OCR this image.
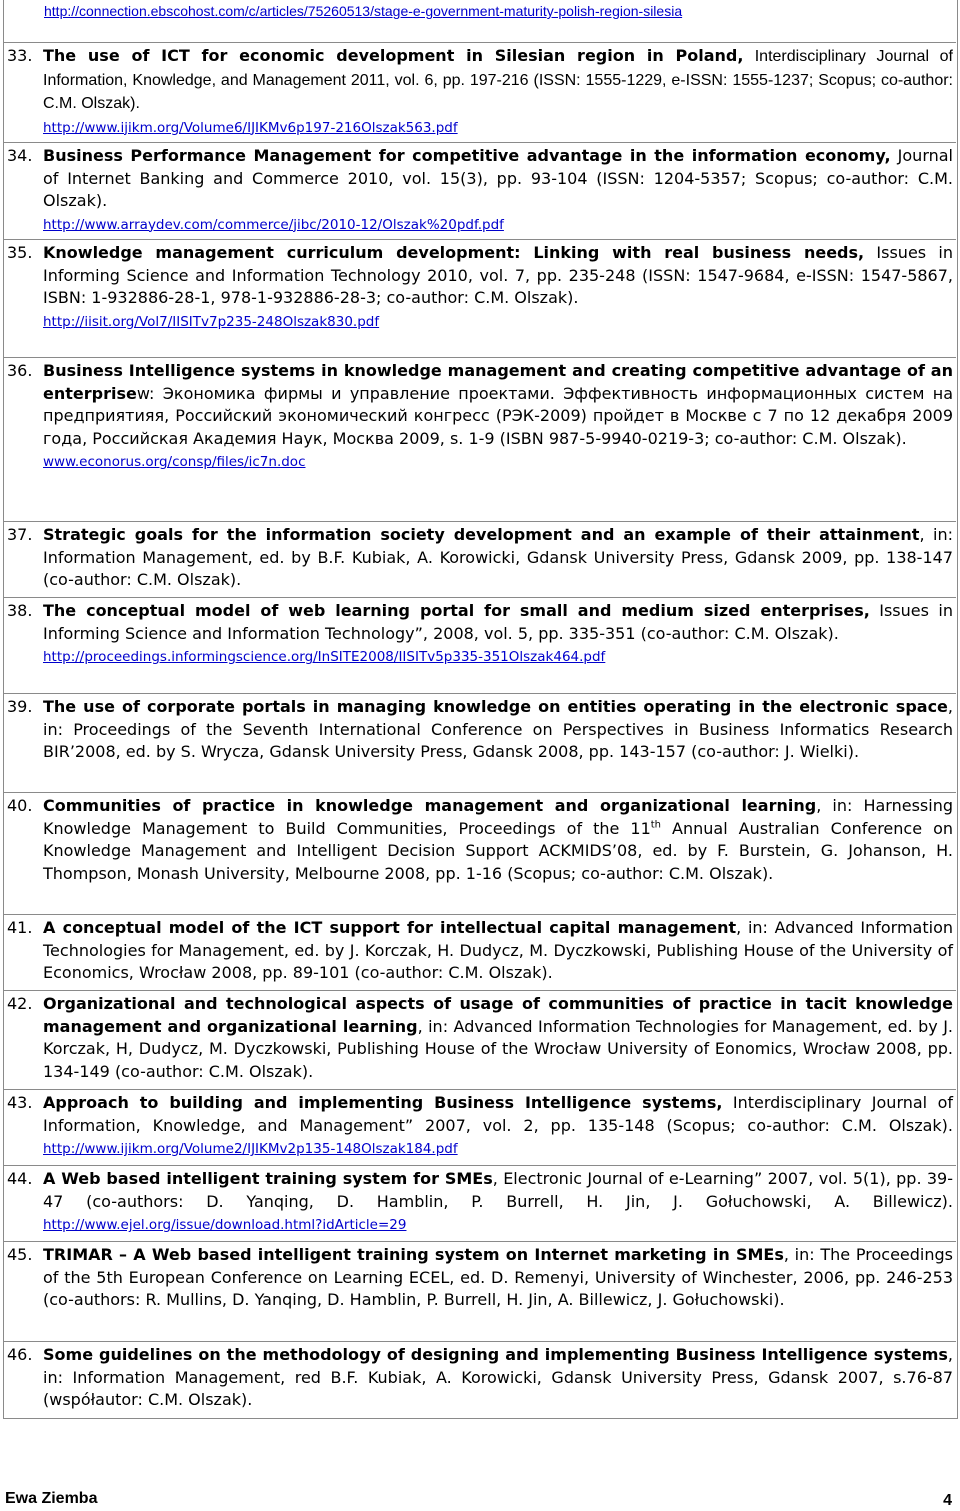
http://connection.ebscohost.com/c/articles/75260513/stage-e-government-maturity-polish-region-silesia
33. The use of ICT for economic development in Silesian region in Poland, Interdisciplinary Journal of Information, Knowledge, and Management 2011, vol. 6, pp. 197-216 (ISSN: 1555-1229, e-ISSN: 1555-1237; Scopus; co-author: C.M. Olszak).
http://www.ijikm.org/Volume6/IJIKMv6p197-216Olszak563.pdf
34. Business Performance Management for competitive advantage in the information economy, Journal of Internet Banking and Commerce 2010, vol. 15(3), pp. 93-104 (ISSN: 1204-5357; Scopus; co-author: C.M. Olszak).
http://www.arraydev.com/commerce/jibc/2010-12/Olszak%20pdf.pdf
35. Knowledge management curriculum development: Linking with real business needs, Issues in Informing Science and Information Technology 2010, vol. 7, pp. 235-248 (ISSN: 1547-9684, e-ISSN: 1547-5867, ISBN: 1-932886-28-1, 978-1-932886-28-3; co-author: C.M. Olszak).
http://iisit.org/Vol7/IISITv7p235-248Olszak830.pdf
36. Business Intelligence systems in knowledge management and creating competitive advantage of an enterprisew: Экономика фирмы и управление проектами. Эффективность информационных систем на предприятияя, Российский экономический конгресс (РЭК-2009) пройдет в Москве с 7 по 12 декабря 2009 года, Российская Академия Наук, Москва 2009, s. 1-9 (ISBN 987-5-9940-0219-3; co-author: C.M. Olszak).
www.econorus.org/consp/files/ic7n.doc
37. Strategic goals for the information society development and an example of their attainment, in: Information Management, ed. by B.F. Kubiak, A. Korowicki, Gdansk University Press, Gdansk 2009, pp. 138-147 (co-author: C.M. Olszak).
38. The conceptual model of web learning portal for small and medium sized enterprises, Issues in Informing Science and Information Technology”, 2008, vol. 5, pp. 335-351 (co-author: C.M. Olszak).
http://proceedings.informingscience.org/InSITE2008/IISITv5p335-351Olszak464.pdf
39. The use of corporate portals in managing knowledge on entities operating in the electronic space, in: Proceedings of the Seventh International Conference on Perspectives in Business Informatics Research BIR’2008, ed. by S. Wrycza, Gdansk University Press, Gdansk 2008, pp. 143-157 (co-author: J. Wielki).
40. Communities of practice in knowledge management and organizational learning, in: Harnessing Knowledge Management to Build Communities, Proceedings of the 11th Annual Australian Conference on Knowledge Management and Intelligent Decision Support ACKMIDS’08, ed. by F. Burstein, G. Johanson, H. Thompson, Monash University, Melbourne 2008, pp. 1-16 (Scopus; co-author: C.M. Olszak).
41. A conceptual model of the ICT support for intellectual capital management, in: Advanced Information Technologies for Management, ed. by J. Korczak, H. Dudycz, M. Dyczkowski, Publishing House of the University of Economics, Wrocław 2008, pp. 89-101 (co-author: C.M. Olszak).
42. Organizational and technological aspects of usage of communities of practice in tacit knowledge management and organizational learning, in: Advanced Information Technologies for Management, ed. by J. Korczak, H, Dudycz, M. Dyczkowski, Publishing House of the Wrocław University of Eonomics, Wrocław 2008, pp. 134-149 (co-author: C.M. Olszak).
43. Approach to building and implementing Business Intelligence systems, Interdisciplinary Journal of Information, Knowledge, and Management” 2007, vol. 2, pp. 135-148 (Scopus; co-author: C.M. Olszak). http://www.ijikm.org/Volume2/IJIKMv2p135-148Olszak184.pdf
44. A Web based intelligent training system for SMEs, Electronic Journal of e-Learning” 2007, vol. 5(1), pp. 39-47 (co-authors: D. Yanqing, D. Hamblin, P. Burrell, H. Jin, J. Gołuchowski, A. Billewicz). http://www.ejel.org/issue/download.html?idArticle=29
45. TRIMAR – A Web based intelligent training system on Internet marketing in SMEs, in: The Proceedings of the 5th European Conference on Learning ECEL, ed. D. Remenyi, University of Winchester, 2006, pp. 246-253 (co-authors: R. Mullins, D. Yanqing, D. Hamblin, P. Burrell, H. Jin, A. Billewicz, J. Gołuchowski).
46. Some guidelines on the methodology of designing and implementing Business Intelligence systems, in: Information Management, red B.F. Kubiak, A. Korowicki, Gdansk University Press, Gdansk 2007, s.76-87 (współautor: C.M. Olszak).
Ewa Ziemba	4
